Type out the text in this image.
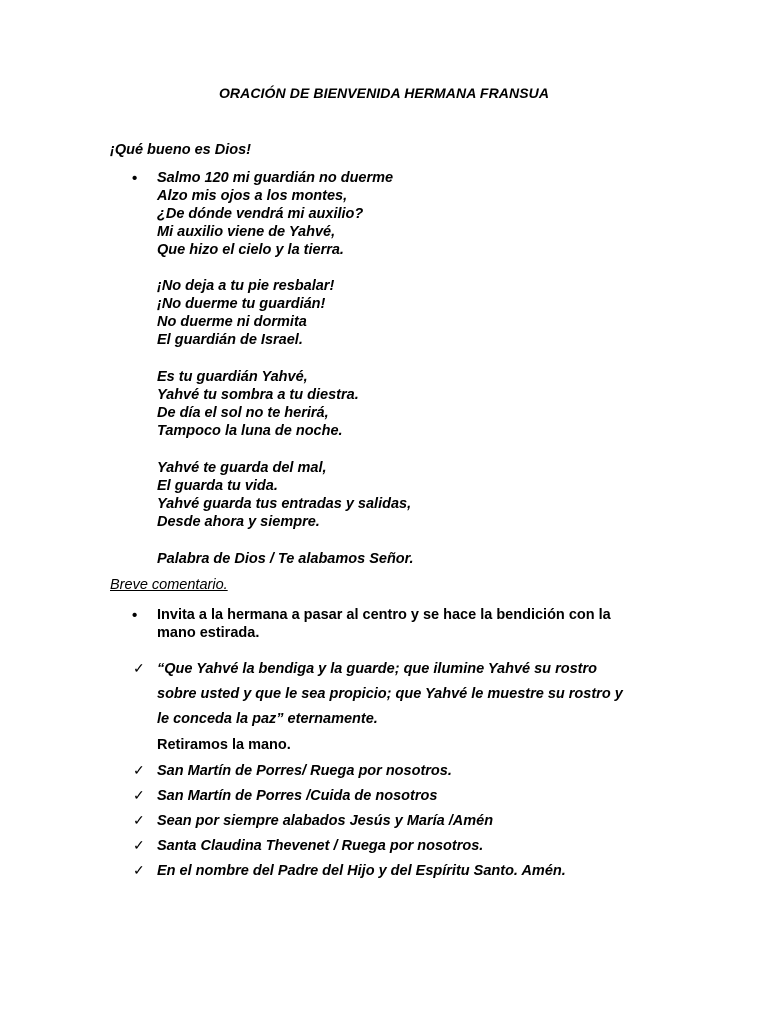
ORACIÓN DE BIENVENIDA HERMANA FRANSUA
¡Qué bueno es Dios!
• Salmo 120 mi guardián no duerme
Alzo mis ojos a los montes,
¿De dónde vendrá mi auxilio?
Mi auxilio viene de Yahvé,
Que hizo el cielo y la tierra.
¡No deja a tu pie resbalar!
¡No duerme tu guardián!
No duerme ni dormita
El guardián de Israel.
Es tu guardián Yahvé,
Yahvé tu sombra a tu diestra.
De día el sol no te herirá,
Tampoco la luna de noche.
Yahvé te guarda del mal,
El guarda tu vida.
Yahvé guarda tus entradas y salidas,
Desde ahora y siempre.
Palabra de Dios / Te alabamos Señor.
Breve comentario.
• Invita a la hermana a pasar al centro y se hace la bendición con la
mano estirada.
✓ “Que Yahvé la bendiga y la guarde; que ilumine Yahvé su rostro
sobre usted y que le sea propicio; que Yahvé le muestre su rostro y
le conceda la paz” eternamente.
Retiramos la mano.
✓ San Martín de Porres/ Ruega por nosotros.
✓ San Martín de Porres /Cuida de nosotros
✓ Sean por siempre alabados Jesús y María /Amén
✓ Santa Claudina Thevenet / Ruega por nosotros.
✓ En el nombre del Padre del Hijo y del Espíritu Santo. Amén.
